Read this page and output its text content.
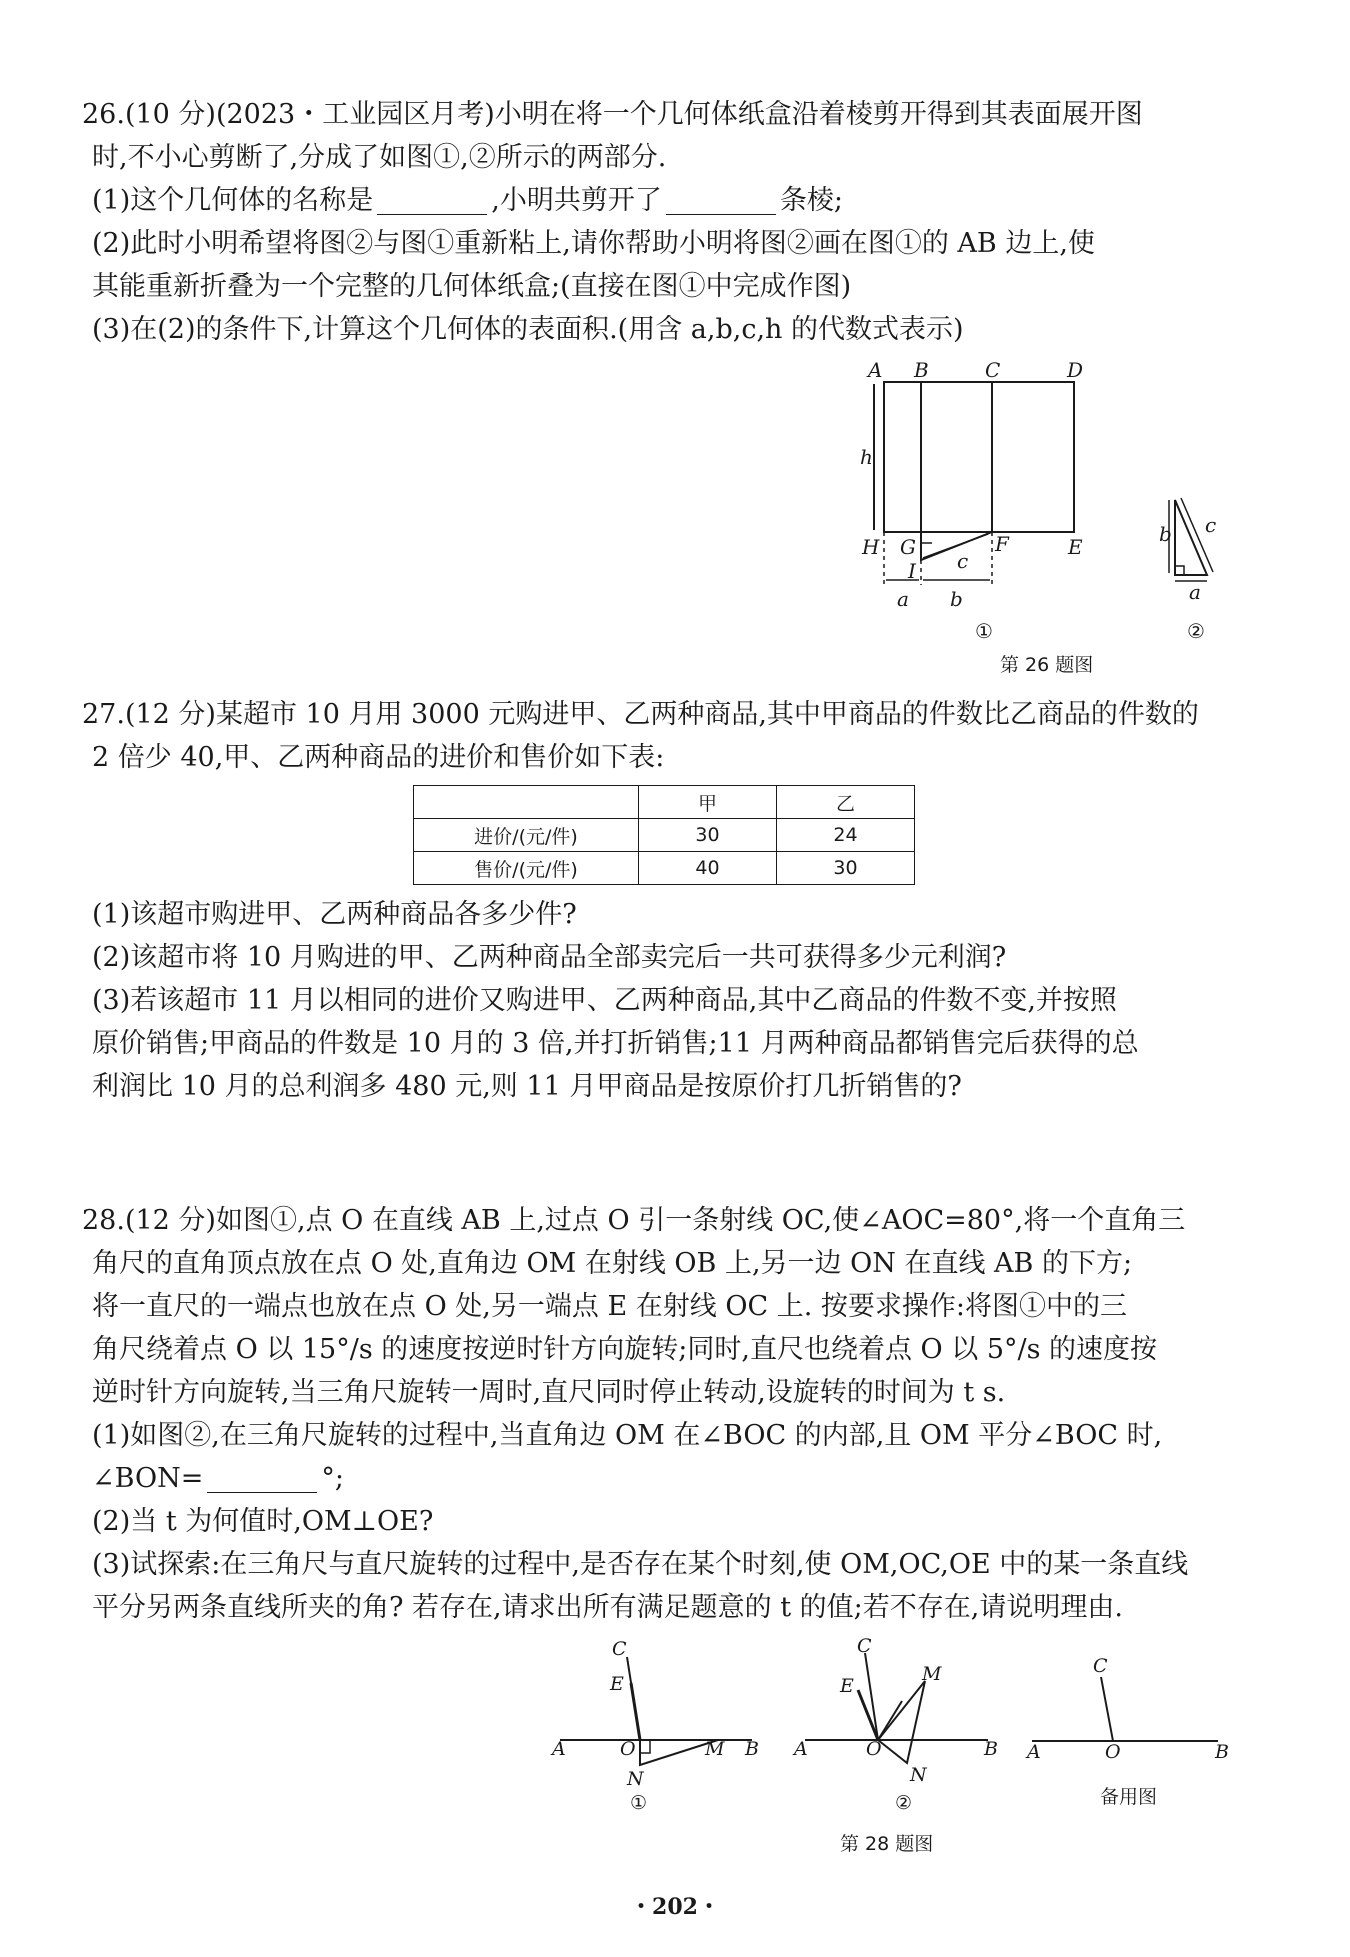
26.(10 分)(2023・工业园区月考)小明在将一个几何体纸盒沿着棱剪开得到其表面展开图
时,不小心剪断了,分成了如图①,②所示的两部分.
(1)这个几何体的名称是	,小明共剪开了	条棱;
(2)此时小明希望将图②与图①重新粘上,请你帮助小明将图②画在图①的 AB 边上,使
其能重新折叠为一个完整的几何体纸盒;(直接在图①中完成作图)
(3)在(2)的条件下,计算这个几何体的表面积.(用含 a,b,c,h 的代数式表示)
A B	C	D
h
H G	F	E
I c
a b
b c
a
①	②
第 26 题图
27.(12 分)某超市 10 月用 3000 元购进甲、乙两种商品,其中甲商品的件数比乙商品的件数的
2 倍少 40,甲、乙两种商品的进价和售价如下表:
	甲	乙
进价/(元/件)	30	24
售价/(元/件)	40	30
(1)该超市购进甲、乙两种商品各多少件?
(2)该超市将 10 月购进的甲、乙两种商品全部卖完后一共可获得多少元利润?
(3)若该超市 11 月以相同的进价又购进甲、乙两种商品,其中乙商品的件数不变,并按照
原价销售;甲商品的件数是 10 月的 3 倍,并打折销售;11 月两种商品都销售完后获得的总
利润比 10 月的总利润多 480 元,则 11 月甲商品是按原价打几折销售的?
28.(12 分)如图①,点 O 在直线 AB 上,过点 O 引一条射线 OC,使∠AOC=80°,将一个直角三
角尺的直角顶点放在点 O 处,直角边 OM 在射线 OB 上,另一边 ON 在直线 AB 的下方;
将一直尺的一端点也放在点 O 处,另一端点 E 在射线 OC 上. 按要求操作:将图①中的三
角尺绕着点 O 以 15°/s 的速度按逆时针方向旋转;同时,直尺也绕着点 O 以 5°/s 的速度按
逆时针方向旋转,当三角尺旋转一周时,直尺同时停止转动,设旋转的时间为 t s.
(1)如图②,在三角尺旋转的过程中,当直角边 OM 在∠BOC 的内部,且 OM 平分∠BOC 时,
∠BON=	°;
(2)当 t 为何值时,OM⊥OE?
(3)试探索:在三角尺与直尺旋转的过程中,是否存在某个时刻,使 OM,OC,OE 中的某一条直线
平分另两条直线所夹的角? 若存在,请求出所有满足题意的 t 的值;若不存在,请说明理由.
C
E
A	O	M B
N
C
M
E
A	O	B
N
C
A	O	B
①	②	备用图
第 28 题图
・202・
